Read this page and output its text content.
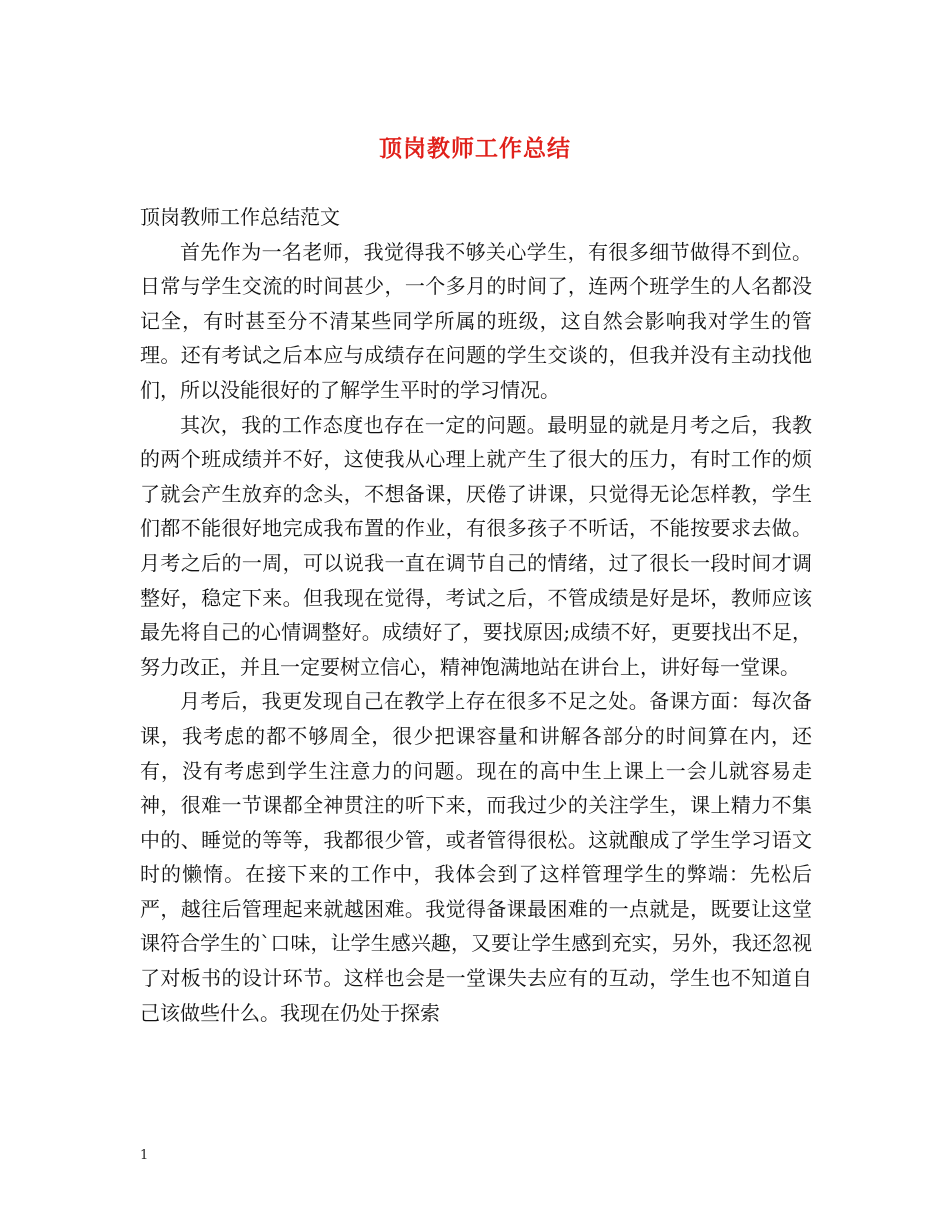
顶岗教师工作总结

顶岗教师工作总结范文

首先作为一名老师，我觉得我不够关心学生，有很多细节做得不到位。日常与学生交流的时间甚少，一个多月的时间了，连两个班学生的人名都没记全，有时甚至分不清某些同学所属的班级，这自然会影响我对学生的管理。还有考试之后本应与成绩存在问题的学生交谈的，但我并没有主动找他们，所以没能很好的了解学生平时的学习情况。

其次，我的工作态度也存在一定的问题。最明显的就是月考之后，我教的两个班成绩并不好，这使我从心理上就产生了很大的压力，有时工作的烦了就会产生放弃的念头，不想备课，厌倦了讲课，只觉得无论怎样教，学生们都不能很好地完成我布置的作业，有很多孩子不听话，不能按要求去做。月考之后的一周，可以说我一直在调节自己的情绪，过了很长一段时间才调整好，稳定下来。但我现在觉得，考试之后，不管成绩是好是坏，教师应该最先将自己的心情调整好。成绩好了，要找原因;成绩不好，更要找出不足，努力改正，并且一定要树立信心，精神饱满地站在讲台上，讲好每一堂课。

月考后，我更发现自己在教学上存在很多不足之处。备课方面：每次备课，我考虑的都不够周全，很少把课容量和讲解各部分的时间算在内，还有，没有考虑到学生注意力的问题。现在的高中生上课上一会儿就容易走神，很难一节课都全神贯注的听下来，而我过少的关注学生，课上精力不集中的、睡觉的等等，我都很少管，或者管得很松。这就酿成了学生学习语文时的懒惰。在接下来的工作中，我体会到了这样管理学生的弊端：先松后严，越往后管理起来就越困难。我觉得备课最困难的一点就是，既要让这堂课符合学生的`口味，让学生感兴趣，又要让学生感到充实，另外，我还忽视了对板书的设计环节。这样也会是一堂课失去应有的互动，学生也不知道自己该做些什么。我现在仍处于探索

1
